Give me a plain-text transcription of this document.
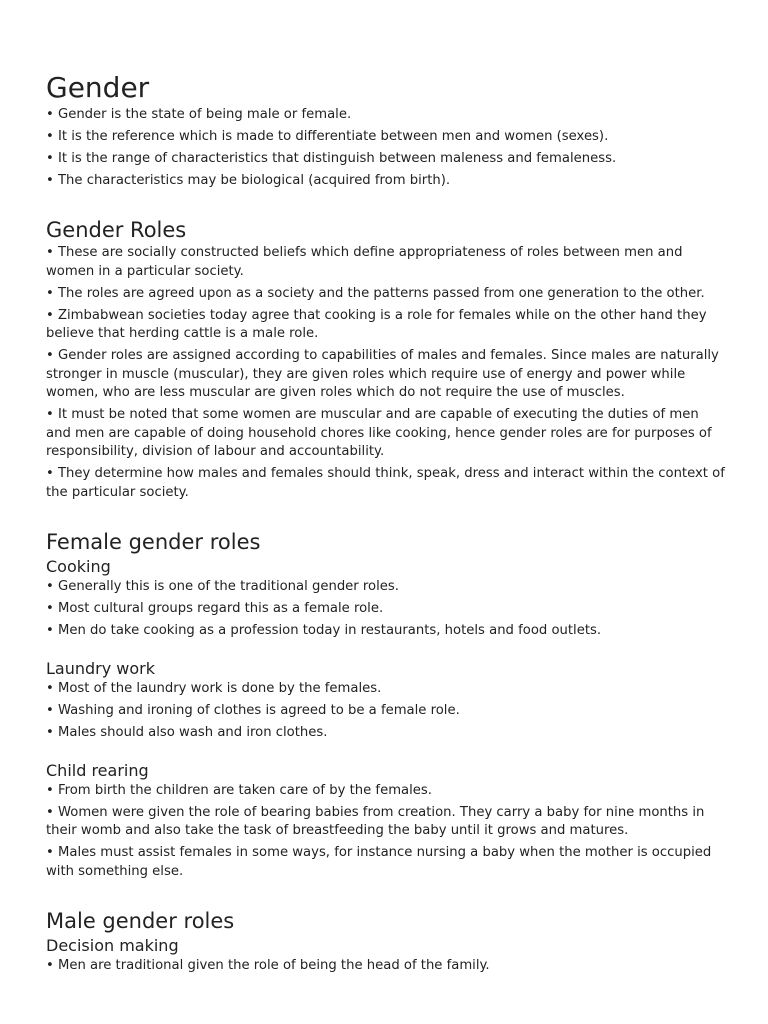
Gender
• Gender is the state of being male or female.
• It is the reference which is made to differentiate between men and women (sexes).
• It is the range of characteristics that distinguish between maleness and femaleness.
• The characteristics may be biological (acquired from birth).
Gender Roles
• These are socially constructed beliefs which define appropriateness of roles between men and women in a particular society.
• The roles are agreed upon as a society and the patterns passed from one generation to the other.
• Zimbabwean societies today agree that cooking is a role for females while on the other hand they believe that herding cattle is a male role.
• Gender roles are assigned according to capabilities of males and females. Since males are naturally stronger in muscle (muscular), they are given roles which require use of energy and power while women, who are less muscular are given roles which do not require the use of muscles.
• It must be noted that some women are muscular and are capable of executing the duties of men and men are capable of doing household chores like cooking, hence gender roles are for purposes of responsibility, division of labour and accountability.
• They determine how males and females should think, speak, dress and interact within the context of the particular society.
Female gender roles
Cooking
• Generally this is one of the traditional gender roles.
• Most cultural groups regard this as a female role.
• Men do take cooking as a profession today in restaurants, hotels and food outlets.
Laundry work
• Most of the laundry work is done by the females.
• Washing and ironing of clothes is agreed to be a female role.
• Males should also wash and iron clothes.
Child rearing
• From birth the children are taken care of by the females.
• Women were given the role of bearing babies from creation. They carry a baby for nine months in their womb and also take the task of breastfeeding the baby until it grows and matures.
• Males must assist females in some ways, for instance nursing a baby when the mother is occupied with something else.
Male gender roles
Decision making
• Men are traditional given the role of being the head of the family.
